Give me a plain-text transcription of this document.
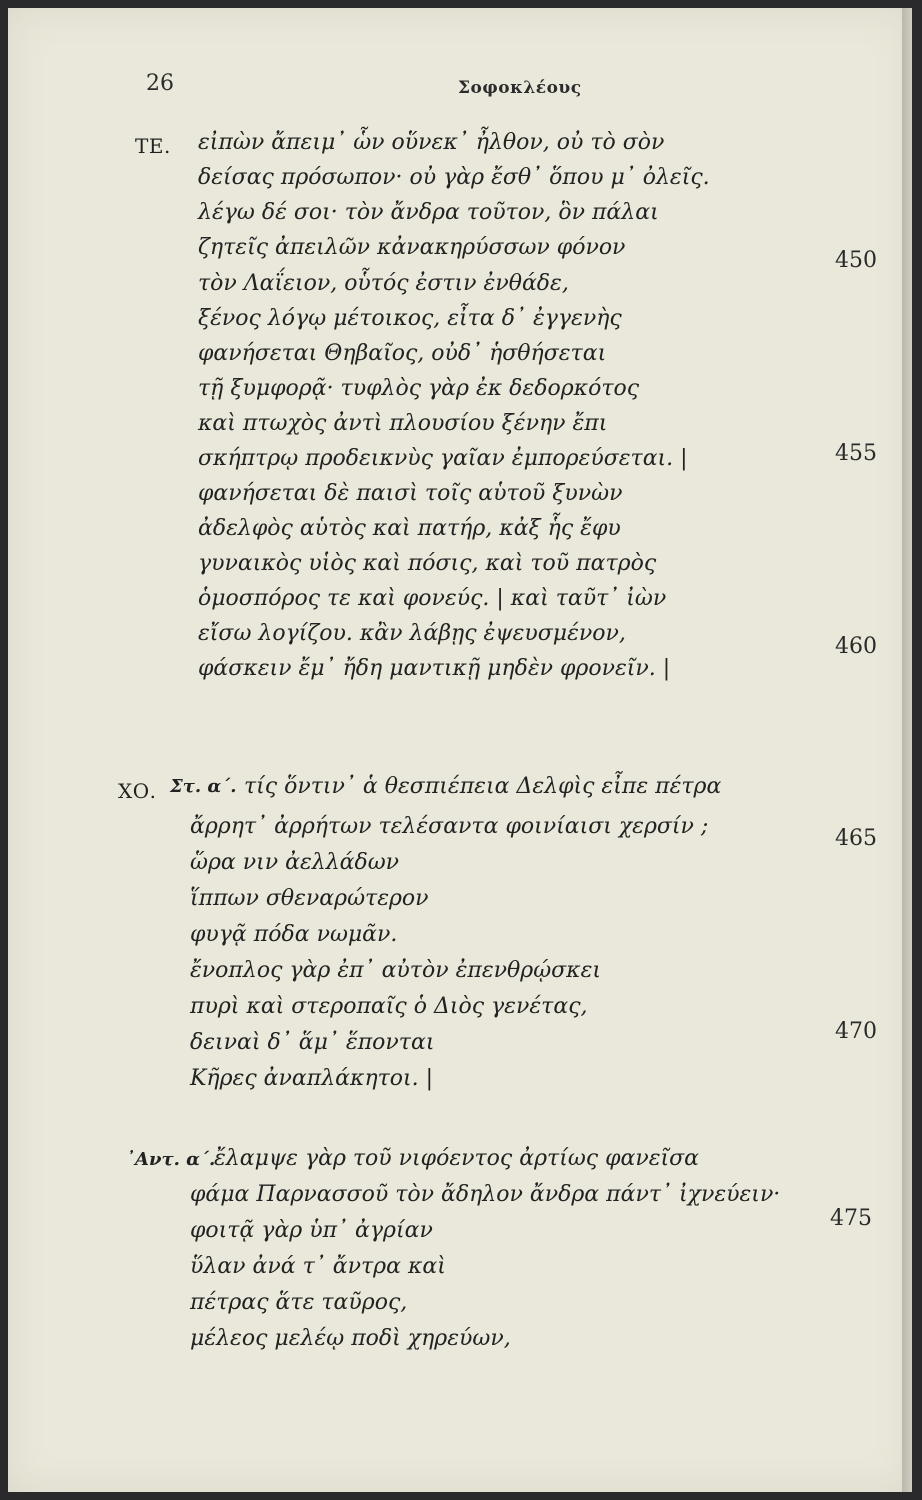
26	Σοφοκλέους
ΤΕ. εἰπὼν ἄπειμ᾿ ὧν οὕνεκ᾿ ἦλθον, οὐ τὸ σὸν
δείσας πρόσωπον· οὐ γὰρ ἔσθ᾿ ὅπου μ᾿ ὀλεῖς.
λέγω δέ σοι· τὸν ἄνδρα τοῦτον, ὃν πάλαι
ζητεῖς ἀπειλῶν κἀνακηρύσσων φόνον
450
τὸν Λαΐειον, οὗτός ἐστιν ἐνθάδε,
ξένος λόγῳ μέτοικος, εἶτα δ᾿ ἐγγενὴς
φανήσεται Θηβαῖος, οὐδ᾿ ἡσθήσεται
τῇ ξυμφορᾷ· τυφλὸς γὰρ ἐκ δεδορκότος
καὶ πτωχὸς ἀντὶ πλουσίου ξένην ἔπι
455
σκήπτρῳ προδεικνὺς γαῖαν ἐμπορεύσεται. |
φανήσεται δὲ παισὶ τοῖς αὑτοῦ ξυνὼν
ἀδελφὸς αὑτὸς καὶ πατήρ, κἀξ ἧς ἔφυ
γυναικὸς υἱὸς καὶ πόσις, καὶ τοῦ πατρὸς
ὁμοσπόρος τε καὶ φονεύς. | καὶ ταῦτ᾿ ἰὼν
460
εἴσω λογίζου. κἂν λάβῃς ἐψευσμένον,
φάσκειν ἔμ᾿ ἤδη μαντικῇ μηδὲν φρονεῖν. |
ΧΟ. Στ. α΄. τίς ὅντιν᾿ ἁ θεσπιέπεια Δελφὶς εἶπε πέτρα
ἄρρητ᾿ ἀρρήτων τελέσαντα φοινίαισι χερσίν ;	465
ὥρα νιν ἀελλάδων
ἵππων σθεναρώτερον
φυγᾷ πόδα νωμᾶν.
ἔνοπλος γὰρ ἐπ᾿ αὐτὸν ἐπενθρῴσκει
πυρὶ καὶ στεροπαῖς ὁ Διὸς γενέτας,
470
δειναὶ δ᾿ ἅμ᾿ ἕπονται
Κῆρες ἀναπλάκητοι. |
᾿Αντ. α΄.
ἔλαμψε γὰρ τοῦ νιφόεντος ἀρτίως φανεῖσα
φάμα Παρνασσοῦ τὸν ἄδηλον ἄνδρα πάντ᾿ ἰχνεύειν·
475
φοιτᾷ γὰρ ὑπ᾿ ἀγρίαν
ὕλαν ἀνά τ᾿ ἄντρα καὶ
πέτρας ἅτε ταῦρος,
μέλεος μελέῳ ποδὶ χηρεύων,
